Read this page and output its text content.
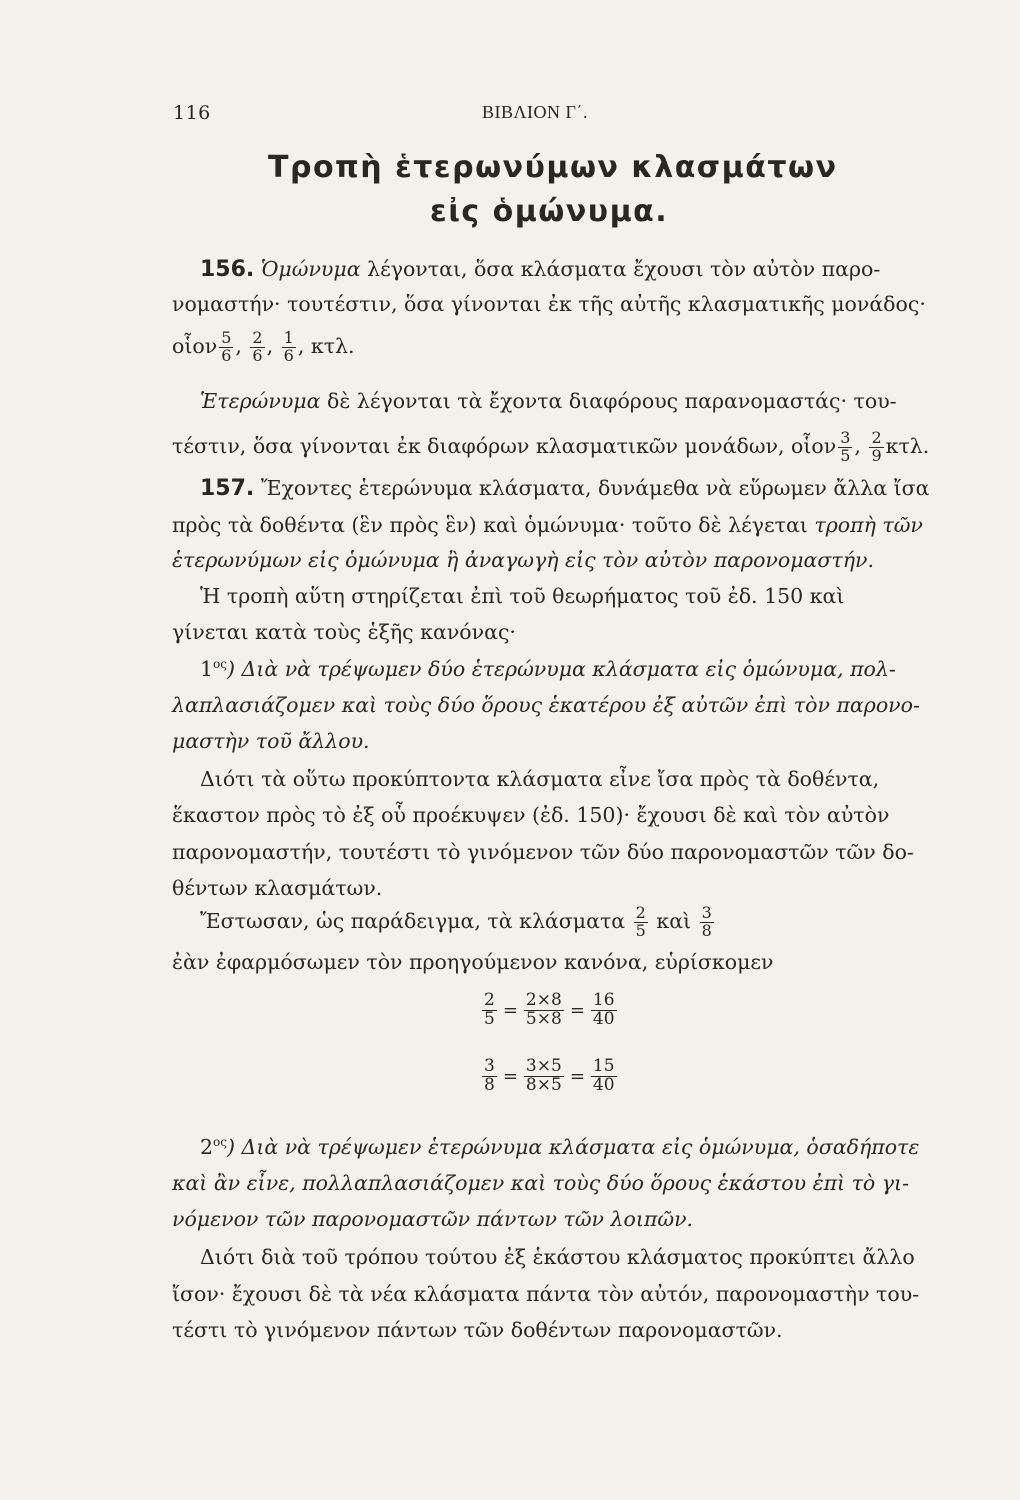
116	ΒΙΒΛΙΟΝ Γ΄.
Τροπὴ ἑτερωνύμων κλασμάτων
εἰς ὁμώνυμα.
156. Ὁμώνυμα λέγονται, ὅσα κλάσματα ἔχουσι τὸν αὐτὸν παρο-
νομαστήν· τουτέστιν, ὅσα γίνονται ἐκ τῆς αὐτῆς κλασματικῆς μονάδος·
οἷον $\frac{5}{6}$ , $\frac{2}{6}$ , $\frac{1}{6}$ , κτλ.
Ἑτερώνυμα δὲ λέγονται τὰ ἔχοντα διαφόρους παρανομαστάς· του-
τέστιν, ὅσα γίνονται ἐκ διαφόρων κλασματικῶν μονάδων, οἷον $\frac{3}{5}$ , $\frac{2}{9} \kappa\tau\lambda$.
157. Ἔχοντες ἑτερώνυμα κλάσματα, δυνάμεθα νὰ εὕρωμεν ἄλλα ἴσα
πρὸς τὰ δοθέντα (ἓν πρὸς ἓν) καὶ ὁμώνυμα· τοῦτο δὲ λέγεται τροπὴ τῶν
ἑτερωνύμων εἰς ὁμώνυμα ἢ ἀναγωγὴ εἰς τὸν αὐτὸν παρονομαστήν.
Ἡ τροπὴ αὕτη στηρίζεται ἐπὶ τοῦ θεωρήματος τοῦ ἐδ. 150 καὶ
γίνεται κατὰ τοὺς ἑξῆς κανόνας·
$1^{o\varsigma}$) Διὰ νὰ τρέψωμεν δύο ἑτερώνυμα κλάσματα εἰς ὁμώνυμα, πολ-
λαπλασιάζομεν καὶ τοὺς δύο ὅρους ἑκατέρου ἐξ αὐτῶν ἐπὶ τὸν παρονο-
μαστὴν τοῦ ἄλλου.
Διότι τὰ οὕτω προκύπτοντα κλάσματα εἶνε ἴσα πρὸς τὰ δοθέντα,
ἕκαστον πρὸς τὸ ἐξ οὗ προέκυψεν (ἐδ. 150)· ἔχουσι δὲ καὶ τὸν αὐτὸν
παρονομαστήν, τουτέστι τὸ γινόμενον τῶν δύο παρονομαστῶν τῶν δο-
θέντων κλασμάτων.
Ἔστωσαν, ὡς παράδειγμα, τὰ κλάσματα $\frac{2}{5}$ καὶ $\frac{3}{8}$
ἐὰν ἐφαρμόσωμεν τὸν προηγούμενον κανόνα, εὑρίσκομεν
$\frac{2}{5} = \frac{2\times 8}{5\times 8} = \frac{16}{40}$
$\frac{3}{8} = \frac{3\times 5}{8\times 5} = \frac{15}{40}$
$2^{o\varsigma}$) Διὰ νὰ τρέψωμεν ἑτερώνυμα κλάσματα εἰς ὁμώνυμα, ὁσαδήποτε
καὶ ἂν εἶνε, πολλαπλασιάζομεν καὶ τοὺς δύο ὅρους ἑκάστου ἐπὶ τὸ γι-
νόμενον τῶν παρονομαστῶν πάντων τῶν λοιπῶν.
Διότι διὰ τοῦ τρόπου τούτου ἐξ ἑκάστου κλάσματος προκύπτει ἄλλο
ἴσον· ἔχουσι δὲ τὰ νέα κλάσματα πάντα τὸν αὐτόν, παρονομαστὴν του-
τέστι τὸ γινόμενον πάντων τῶν δοθέντων παρονομαστῶν.
